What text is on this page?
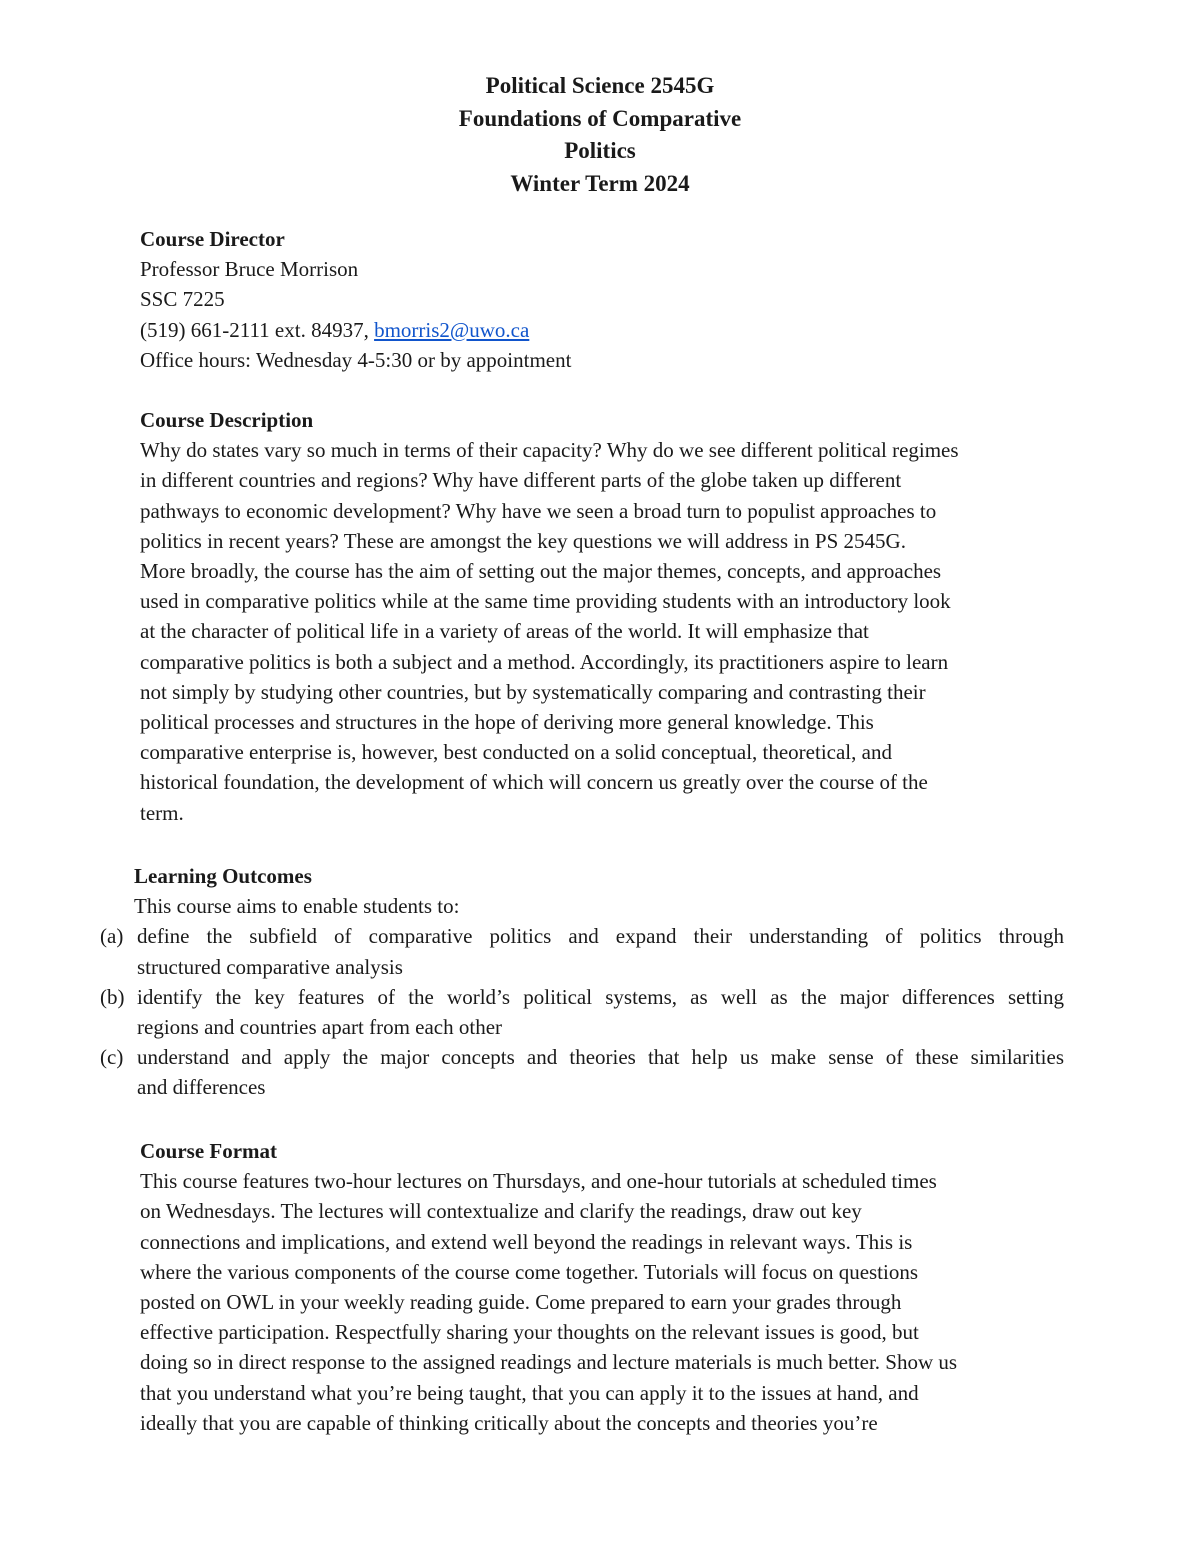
Political Science 2545G
Foundations of Comparative
Politics
Winter Term 2024
Course Director
Professor Bruce Morrison
SSC 7225
(519) 661-2111 ext. 84937, bmorris2@uwo.ca
Office hours: Wednesday 4-5:30 or by appointment
Course Description
Why do states vary so much in terms of their capacity? Why do we see different political regimes
in different countries and regions? Why have different parts of the globe taken up different
pathways to economic development? Why have we seen a broad turn to populist approaches to
politics in recent years? These are amongst the key questions we will address in PS 2545G.
More broadly, the course has the aim of setting out the major themes, concepts, and approaches
used in comparative politics while at the same time providing students with an introductory look
at the character of political life in a variety of areas of the world. It will emphasize that
comparative politics is both a subject and a method. Accordingly, its practitioners aspire to learn
not simply by studying other countries, but by systematically comparing and contrasting their
political processes and structures in the hope of deriving more general knowledge. This
comparative enterprise is, however, best conducted on a solid conceptual, theoretical, and
historical foundation, the development of which will concern us greatly over the course of the
term.
Learning Outcomes
This course aims to enable students to:
(a) define the subfield of comparative politics and expand their understanding of politics through
structured comparative analysis
(b) identify the key features of the world’s political systems, as well as the major differences setting
regions and countries apart from each other
(c) understand and apply the major concepts and theories that help us make sense of these similarities
and differences
Course Format
This course features two-hour lectures on Thursdays, and one-hour tutorials at scheduled times
on Wednesdays. The lectures will contextualize and clarify the readings, draw out key
connections and implications, and extend well beyond the readings in relevant ways. This is
where the various components of the course come together. Tutorials will focus on questions
posted on OWL in your weekly reading guide. Come prepared to earn your grades through
effective participation. Respectfully sharing your thoughts on the relevant issues is good, but
doing so in direct response to the assigned readings and lecture materials is much better. Show us
that you understand what you’re being taught, that you can apply it to the issues at hand, and
ideally that you are capable of thinking critically about the concepts and theories you’re
